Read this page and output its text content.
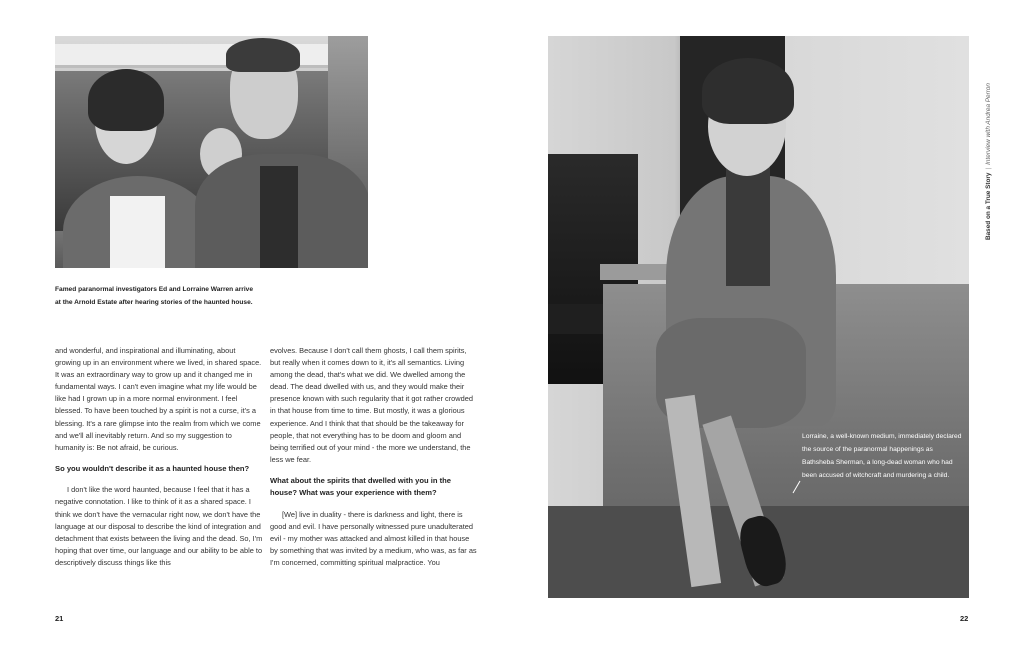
Famed paranormal investigators Ed and Lorraine Warren arrive at the Arnold Estate after hearing stories of the haunted house.

and wonderful, and inspirational and illuminating, about growing up in an environment where we lived, in shared space. It was an extraordinary way to grow up and it changed me in fundamental ways. I can't even imagine what my life would be like had I grown up in a more normal environment. I feel blessed. To have been touched by a spirit is not a curse, it's a blessing. It's a rare glimpse into the realm from which we come and we'll all inevitably return. And so my suggestion to humanity is: Be not afraid, be curious.

So you wouldn't describe it as a haunted house then?

I don't like the word haunted, because I feel that it has a negative connotation. I like to think of it as a shared space. I think we don't have the vernacular right now, we don't have the language at our disposal to describe the kind of integration and detachment that exists between the living and the dead. So, I'm hoping that over time, our language and our ability to be able to descriptively discuss things like this

evolves. Because I don't call them ghosts, I call them spirits, but really when it comes down to it, it's all semantics. Living among the dead, that's what we did. We dwelled among the dead. The dead dwelled with us, and they would make their presence known with such regularity that it got rather crowded in that house from time to time. But mostly, it was a glorious experience. And I think that that should be the takeaway for people, that not everything has to be doom and gloom and being terrified out of your mind - the more we understand, the less we fear.

What about the spirits that dwelled with you in the house? What was your experience with them?

[We] live in duality - there is darkness and light, there is good and evil. I have personally witnessed pure unadulterated evil - my mother was attacked and almost killed in that house by something that was invited by a medium, who was, as far as I'm concerned, committing spiritual malpractice. You

21
Lorraine, a well-known medium, immediately declared the source of the paranormal happenings as Bathsheba Sherman, a long-dead woman who had been accused of witchcraft and murdering a child.
Based on a True Story|Interview with Andrea Perron
22
